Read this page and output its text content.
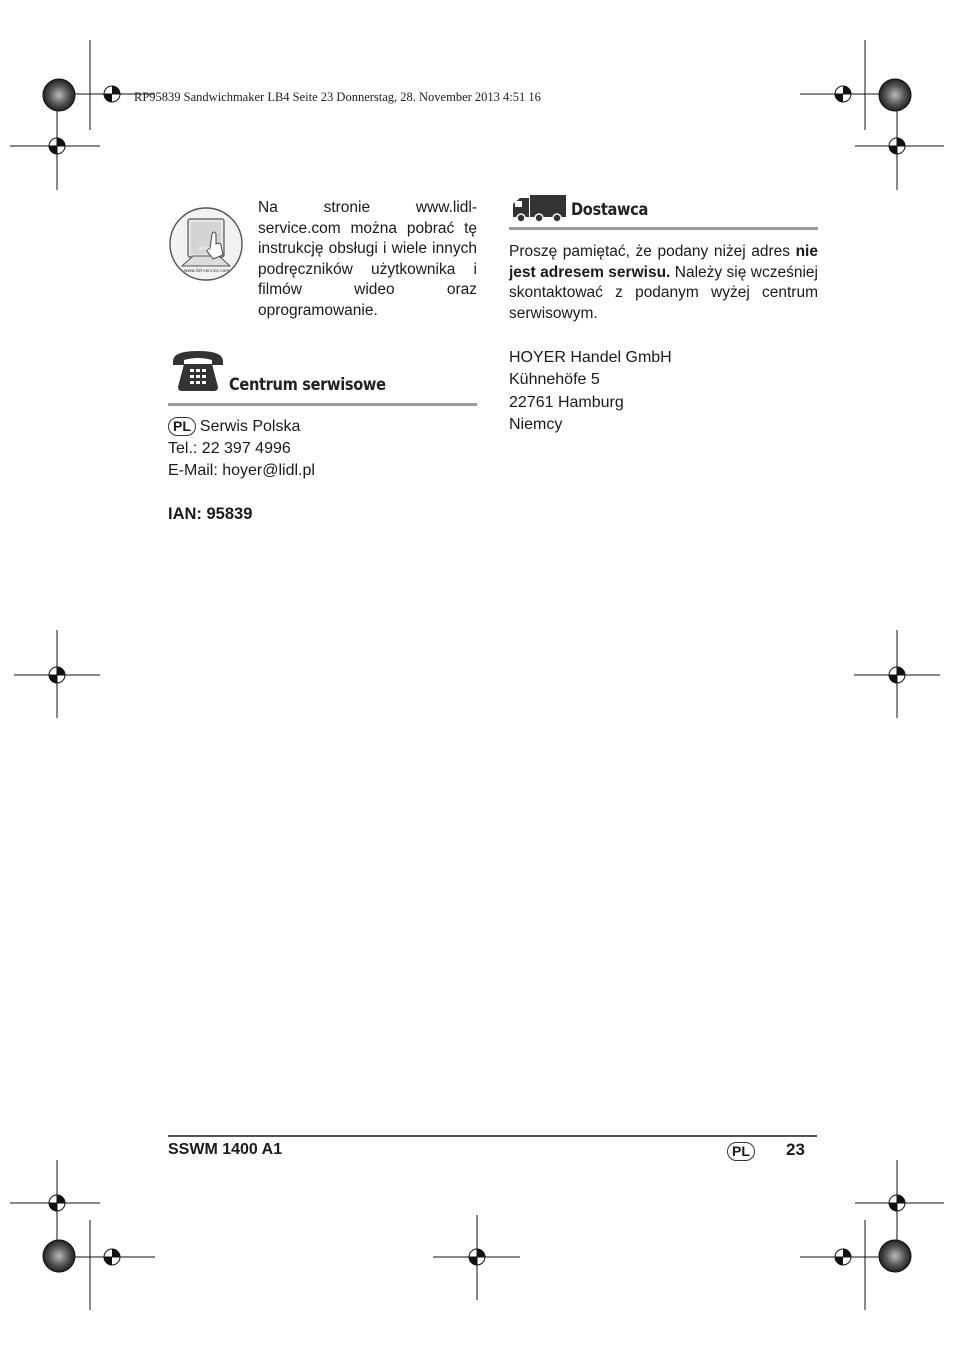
RP95839 Sandwichmaker LB4 Seite 23 Donnerstag, 28. November 2013 4:51 16
online
www.lidl-service.com
Na stronie www.lidl-
service.com można pobrać tę
instrukcję obsługi i wiele innych
podręczników użytkownika i
filmów wideo oraz
oprogramowanie.
Centrum serwisowe
PL Serwis Polska
Tel.: 22 397 4996
E-Mail: hoyer@lidl.pl
IAN: 95839
Dostawca
Proszę pamiętać, że podany niżej adres nie jest adresem serwisu. Należy się wcześniej skontaktować z podanym wyżej centrum serwisowym.
HOYER Handel GmbH
Kühnehöfe 5
22761 Hamburg
Niemcy
SSWM 1400 A1	PL	23
